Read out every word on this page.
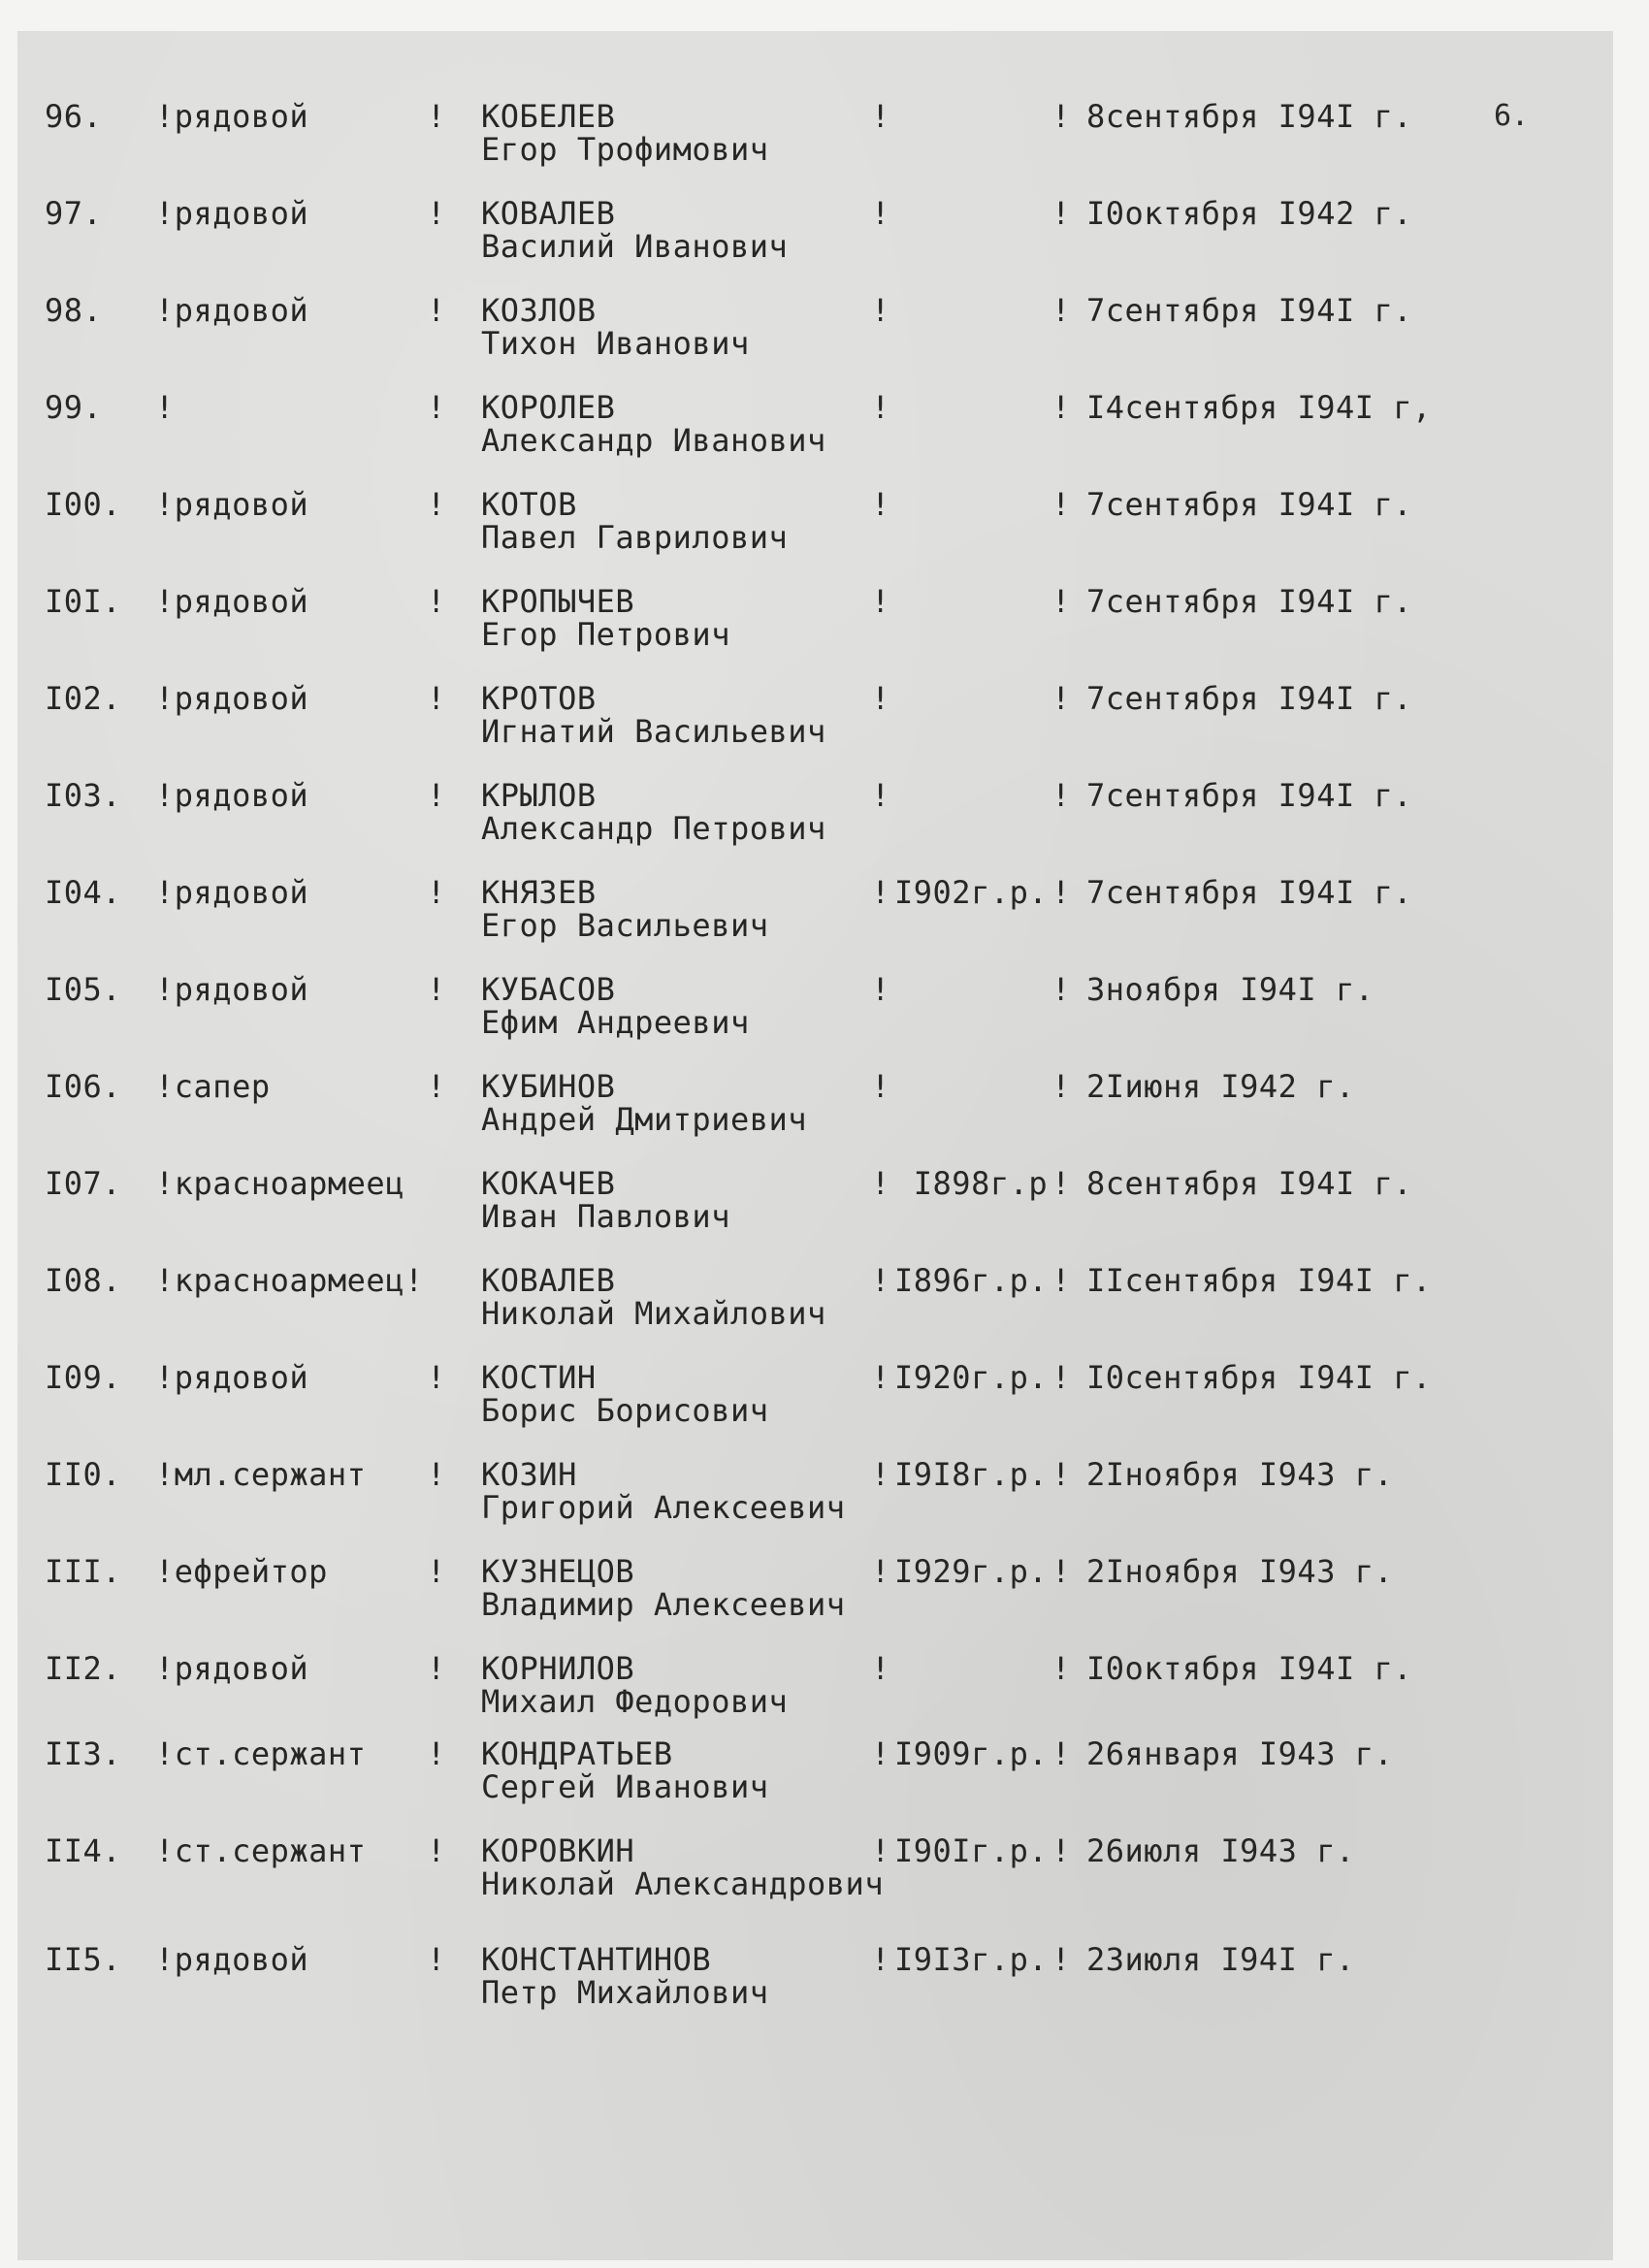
6.
96. !рядовой	! КОБЕЛЕВ	!	! 8сентября I94I г.
Егор Трофимович
97. !рядовой	! КОВАЛЕВ	!	! I0октября I942 г.
Василий Иванович
98. !рядовой	! КОЗЛОВ	!	! 7сентября I94I г.
Тихон Иванович
99. !	! КОРОЛЕВ	!	! I4сентября I94I г,
Александр Иванович
I00. !рядовой	! КОТОВ	!	! 7сентября I94I г.
Павел Гаврилович
I0I. !рядовой	! КРОПЫЧЕВ	!	! 7сентября I94I г.
Егор Петрович
I02. !рядовой	! КРОТОВ	!	! 7сентября I94I г.
Игнатий Васильевич
I03. !рядовой	! КРЫЛОВ	!	! 7сентября I94I г.
Александр Петрович
I04. !рядовой	! КНЯЗЕВ	! I902г.р. ! 7сентября I94I г.
Егор Васильевич
I05. !рядовой	! КУБАСОВ	!	! 3ноября I94I г.
Ефим Андреевич
I06. !сапер	! КУБИНОВ	!	! 2Iиюня I942 г.
Андрей Дмитриевич
I07. !красноармеец КОКАЧЕВ	! I898г.р ! 8сентября I94I г.
Иван Павлович
I08. !красноармеец! КОВАЛЕВ	! I896г.р. ! IIсентября I94I г.
Николай Михайлович
I09. !рядовой	! КОСТИН	! I920г.р. ! I0сентября I94I г.
Борис Борисович
II0. !мл.сержант ! КОЗИН	! I9I8г.р. ! 2Iноября I943 г.
Григорий Алексеевич
III. !ефрейтор	! КУЗНЕЦОВ	! I929г.р. ! 2Iноября I943 г.
Владимир Алексеевич
II2. !рядовой	! КОРНИЛОВ	!	! I0октября I94I г.
Михаил Федорович
II3. !ст.сержант ! КОНДРАТЬЕВ	! I909г.р. ! 26января I943 г.
Сергей Иванович
II4. !ст.сержант ! КОРОВКИН	! I90Iг.р. ! 26июля I943 г.
Николай Александрович
II5. !рядовой	! КОНСТАНТИНОВ	! I9I3г.р. ! 23июля I94I г.
Петр Михайлович
